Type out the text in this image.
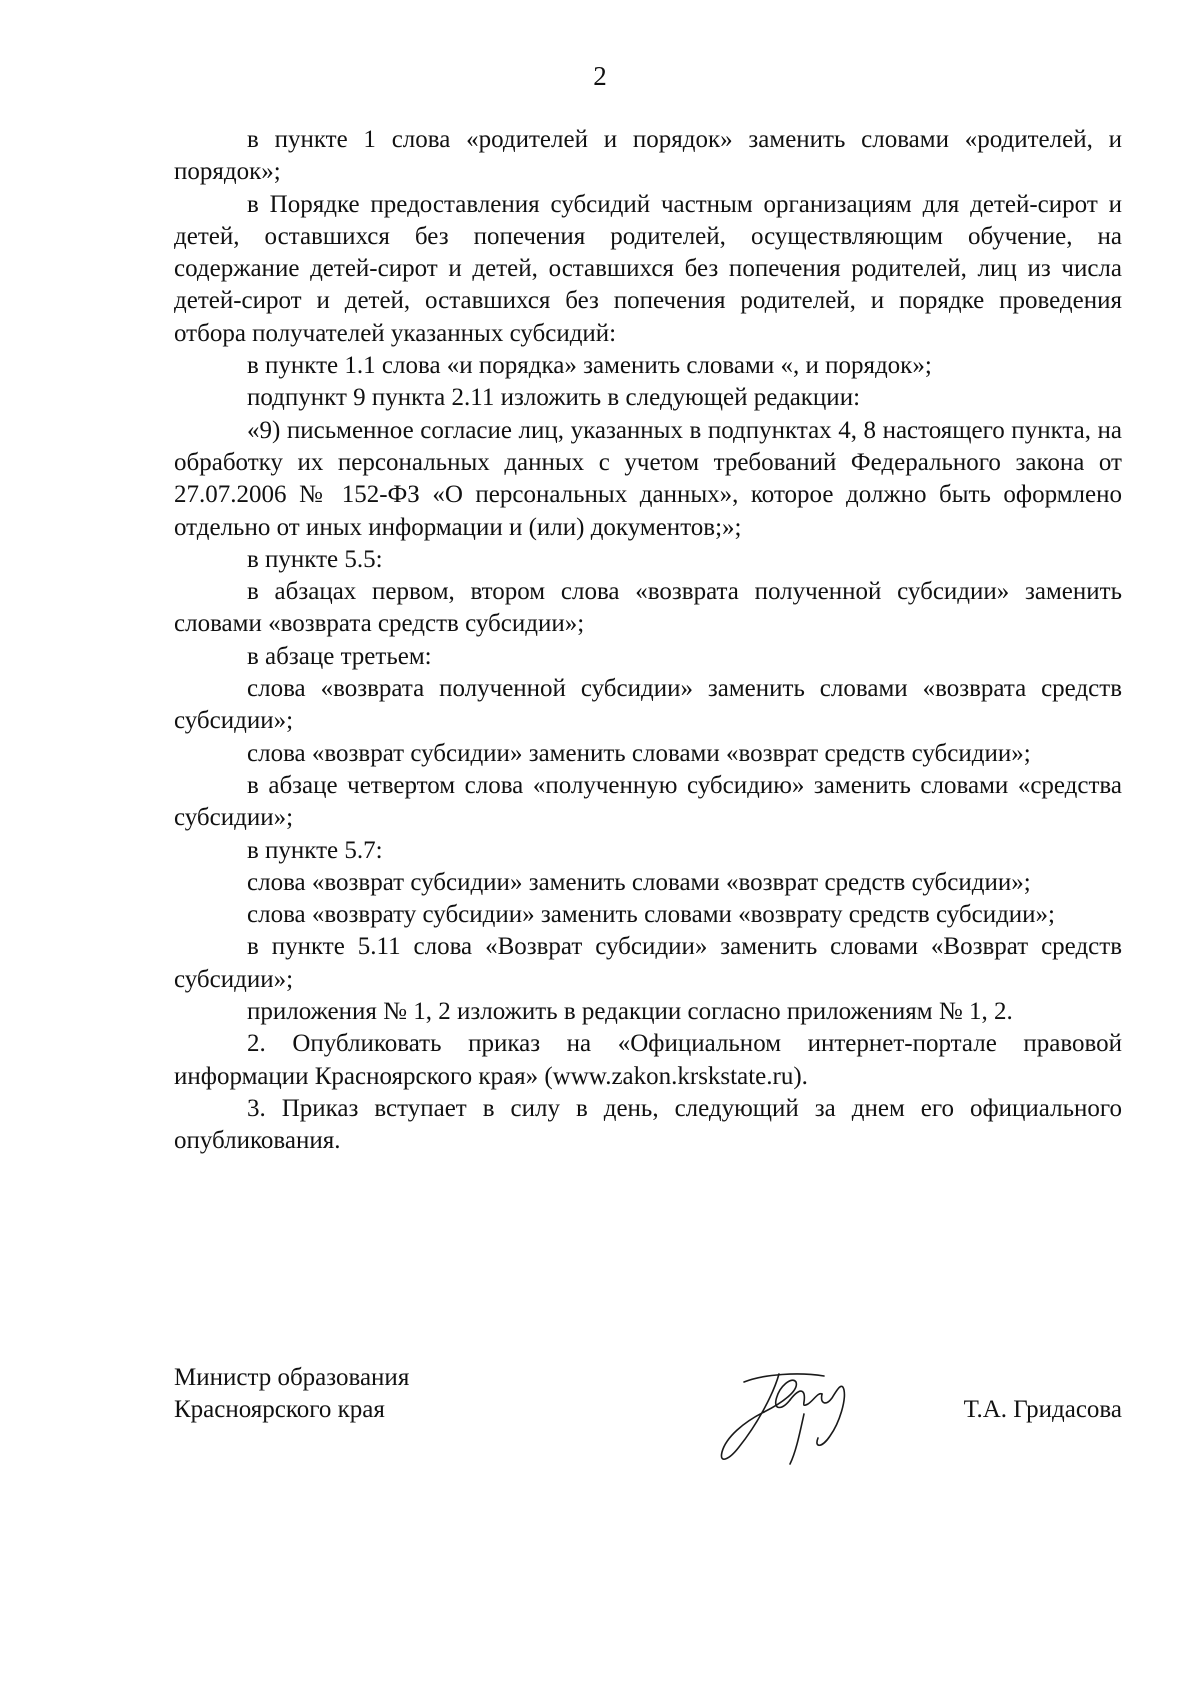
2

в пункте 1 слова «родителей и порядок» заменить словами «родителей, и порядок»;

в Порядке предоставления субсидий частным организациям для детей-сирот и детей, оставшихся без попечения родителей, осуществляющим обучение, на содержание детей-сирот и детей, оставшихся без попечения родителей, лиц из числа детей-сирот и детей, оставшихся без попечения родителей, и порядке проведения отбора получателей указанных субсидий:

в пункте 1.1 слова «и порядка» заменить словами «, и порядок»;

подпункт 9 пункта 2.11 изложить в следующей редакции:

«9) письменное согласие лиц, указанных в подпунктах 4, 8 настоящего пункта, на обработку их персональных данных с учетом требований Федерального закона от 27.07.2006 № 152-ФЗ «О персональных данных», которое должно быть оформлено отдельно от иных информации и (или) документов;»;

в пункте 5.5:

в абзацах первом, втором слова «возврата полученной субсидии» заменить словами «возврата средств субсидии»;

в абзаце третьем:

слова «возврата полученной субсидии» заменить словами «возврата средств субсидии»;

слова «возврат субсидии» заменить словами «возврат средств субсидии»;

в абзаце четвертом слова «полученную субсидию» заменить словами «средства субсидии»;

в пункте 5.7:

слова «возврат субсидии» заменить словами «возврат средств субсидии»;

слова «возврату субсидии» заменить словами «возврату средств субсидии»;

в пункте 5.11 слова «Возврат субсидии» заменить словами «Возврат средств субсидии»;

приложения № 1, 2 изложить в редакции согласно приложениям № 1, 2.

2. Опубликовать приказ на «Официальном интернет-портале правовой информации Красноярского края» (www.zakon.krskstate.ru).

3. Приказ вступает в силу в день, следующий за днем его официального опубликования.

Министр образования
Красноярского края	Т.А. Гридасова
